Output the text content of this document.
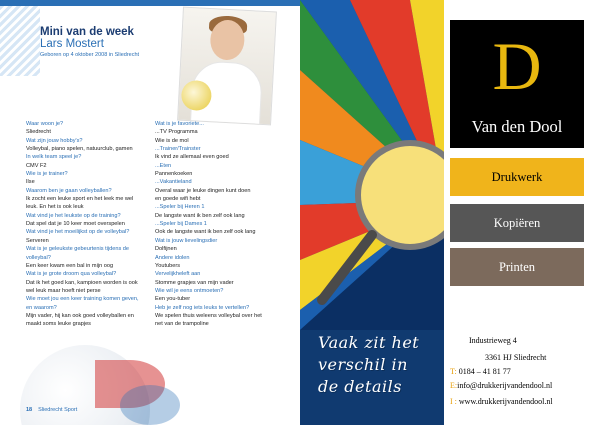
Mini van de week
Lars Mostert
Geboren op 4 oktober 2008 in Sliedrecht
Waar woon je?
Sliedrecht
Wat zijn jouw hobby's?
Volleybal, piano spelen, natuurclub, gamen
In welk team speel je?
CMV F2
Wie is je trainer?
Ilse
Waarom ben je gaan volleyballen?
Ik zocht een leuke sport en het leek me wel
leuk. En het is ook leuk
Wat vind je het leukste op de training?
Dat spel dat je 10 keer moet overspelen
Wat vind je het moeilijkst op de volleybal?
Serveren
Wat is je geleukste gebeurtenis tijdens de
volleybal?
Een keer kwam een bal in mijn oog
Wat is je grote droom qua volleybal?
Dat ik het goed kan, kampioen worden is ook
wel leuk maar hoeft niet perse
Wie moet jou een keer training komen geven,
en waarom?
Mijn vader, hij kan ook goed volleyballen en
maakt soms leuke grapjes
Wat is je favoriete...
...TV Programma
Wie is de mol
...Trainer/Trainster
Ik vind ze allemaal even goed
...Eten
Pannenkoeken
...Vakantieland
Overal waar je leuke dingen kunt doen
en goede wifi hebt
...Speler bij Heren 1
De langste want ik ben zelf ook lang
...Speler bij Dames 1
Ook de langste want ik ben zelf ook lang
Wat is jouw lievelingsdier
Dolfijnen
Andere idolen
Youtubers
Vervelijkheleft aan
Stomme grapjes van mijn vader
Wie wil je eens ontmoeten?
Een you-tuber
Heb je zelf nog iets leuks te vertellen?
We spelen thuis weleens volleybal over het
net van de trampoline
18 Sliedrecht Sport
Vaak zit het
verschil in
de details
D
Van den Dool
Drukwerk
Kopiëren
Printen
Industrieweg 4
3361 HJ Sliedrecht
T: 0184 – 41 81 77
E:info@drukkerijvandendool.nl
I : www.drukkerijvandendool.nl
